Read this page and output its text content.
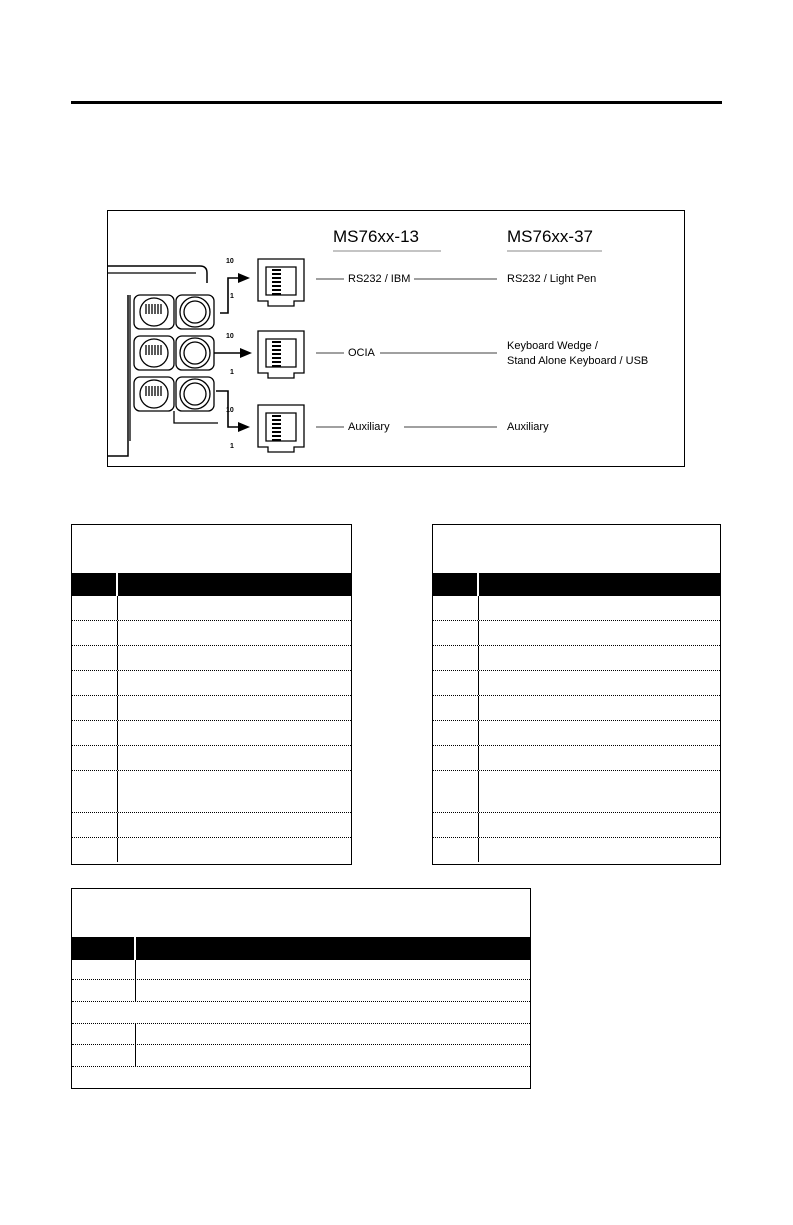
MS76xx-13	MS76xx-37
10
1
10
1
10
1
RS232 / IBM	RS232 / Light Pen
OCIA
Keyboard Wedge /
Stand Alone Keyboard / USB
Auxiliary	Auxiliary
